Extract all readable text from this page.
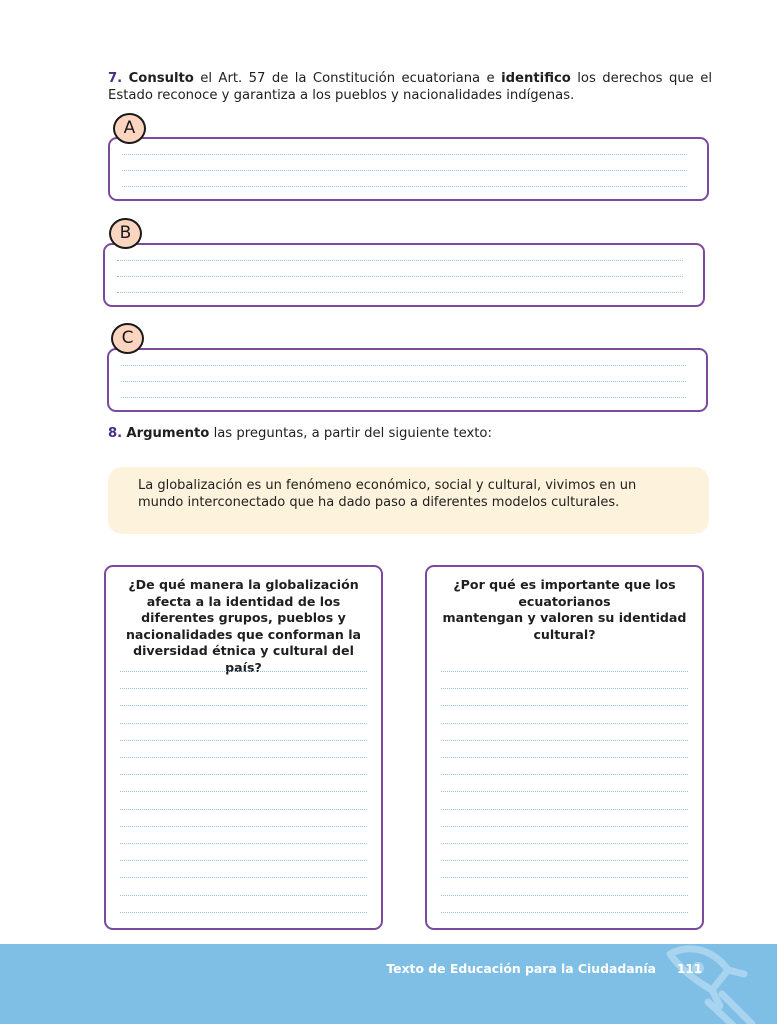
7. Consulto el Art. 57 de la Constitución ecuatoriana e identifico los derechos que el Estado reconoce y garantiza a los pueblos y nacionalidades indígenas.

A
B
C

8. Argumento las preguntas, a partir del siguiente texto:

La globalización es un fenómeno económico, social y cultural, vivimos en un mundo interconectado que ha dado paso a diferentes modelos culturales.

¿De qué manera la globalización afecta a la identidad de los diferentes grupos, pueblos y nacionalidades que conforman la diversidad étnica y cultural del país?
¿Por qué es importante que los
ecuatorianos
mantengan y valoren su identidad
cultural?
Texto de Educación para la Ciudadanía 111
